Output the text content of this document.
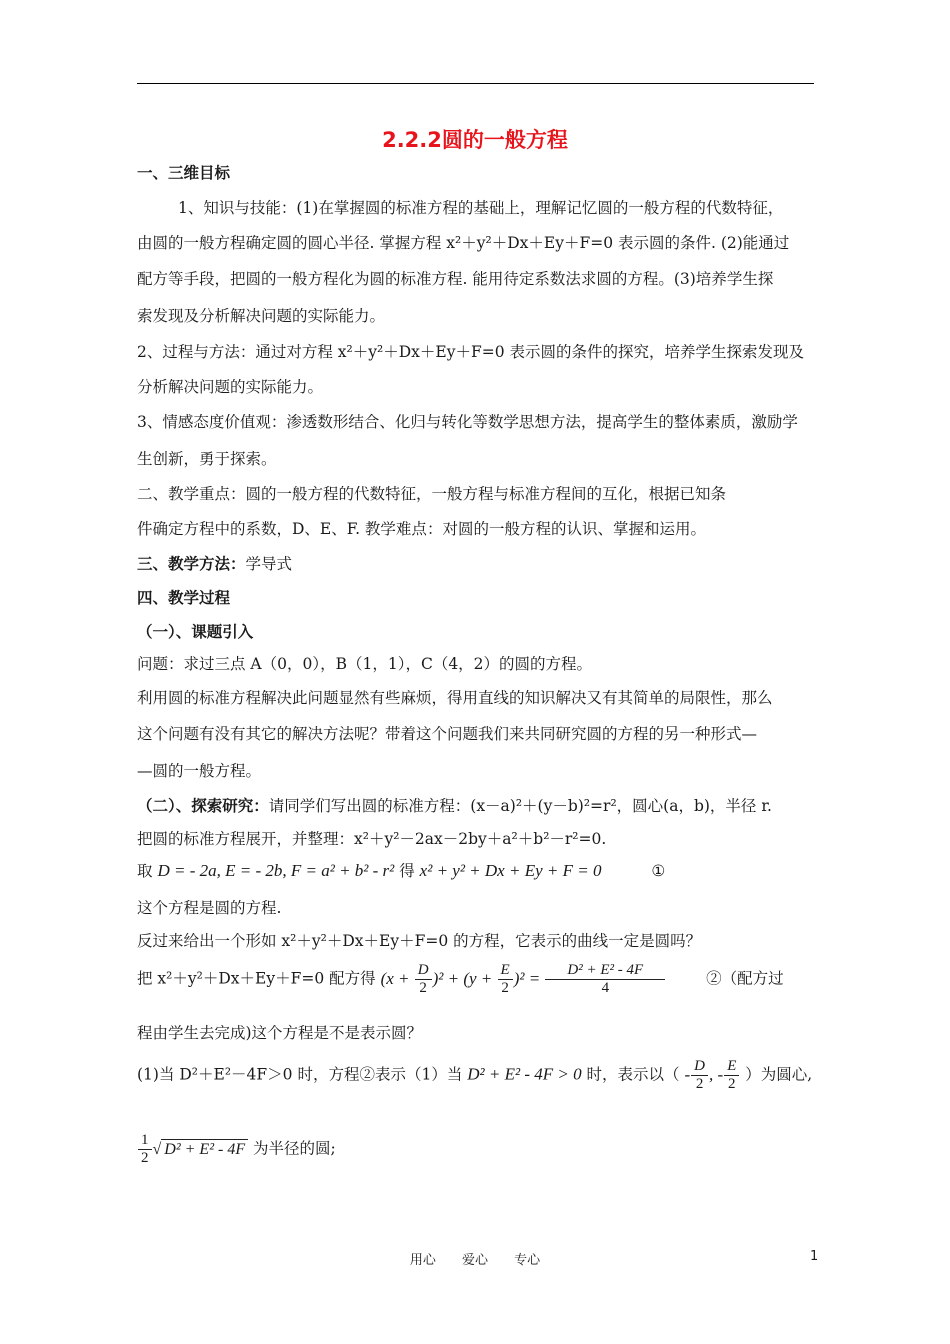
2.2.2圆的一般方程
一、三维目标
1、知识与技能：(1)在掌握圆的标准方程的基础上，理解记忆圆的一般方程的代数特征，
由圆的一般方程确定圆的圆心半径. 掌握方程 x²＋y²＋Dx＋Ey＋F=0 表示圆的条件. (2)能通过
配方等手段，把圆的一般方程化为圆的标准方程. 能用待定系数法求圆的方程。(3)培养学生探
索发现及分析解决问题的实际能力。
2、过程与方法：通过对方程 x²＋y²＋Dx＋Ey＋F=0 表示圆的条件的探究，培养学生探索发现及
分析解决问题的实际能力。
3、情感态度价值观：渗透数形结合、化归与转化等数学思想方法，提高学生的整体素质，激励学
生创新，勇于探索。
二、教学重点：圆的一般方程的代数特征，一般方程与标准方程间的互化，根据已知条
件确定方程中的系数，D、E、F. 教学难点：对圆的一般方程的认识、掌握和运用。
三、教学方法：学导式
四、教学过程
（一）、课题引入
问题：求过三点 A（0，0），B（1，1），C（4，2）的圆的方程。
利用圆的标准方程解决此问题显然有些麻烦，得用直线的知识解决又有其简单的局限性，那么
这个问题有没有其它的解决方法呢？带着这个问题我们来共同研究圆的方程的另一种形式—
—圆的一般方程。
（二）、探索研究：请同学们写出圆的标准方程：(x－a)²＋(y－b)²=r²，圆心(a，b)，半径 r.
把圆的标准方程展开，并整理：x²＋y²－2ax－2by＋a²＋b²－r²=0.
取 D = - 2a, E = - 2b, F = a² + b² - r² 得 x² + y² + Dx + Ey + F = 0	①
这个方程是圆的方程.
反过来给出一个形如 x²＋y²＋Dx＋Ey＋F=0 的方程，它表示的曲线一定是圆吗？
把 x²＋y²＋Dx＋Ey＋F=0 配方得 $(x + \frac{D}{2} )^2 + (y + \frac{E}{2} )^2 = \frac{\text{D² + E² - 4F}}{4}$	②（配方过
程由学生去完成)这个方程是不是表示圆？
(1)当 D²＋E²－4F＞0 时，方程②表示（1）当 D² + E² - 4F > 0 时，表示以（ - $\frac{D}{2}$ , - $\frac{E}{2}$ ）为圆心,
$\frac{1}{2}$ √ D² + E² - 4F 为半径的圆;
用心 爱心 专心	1
